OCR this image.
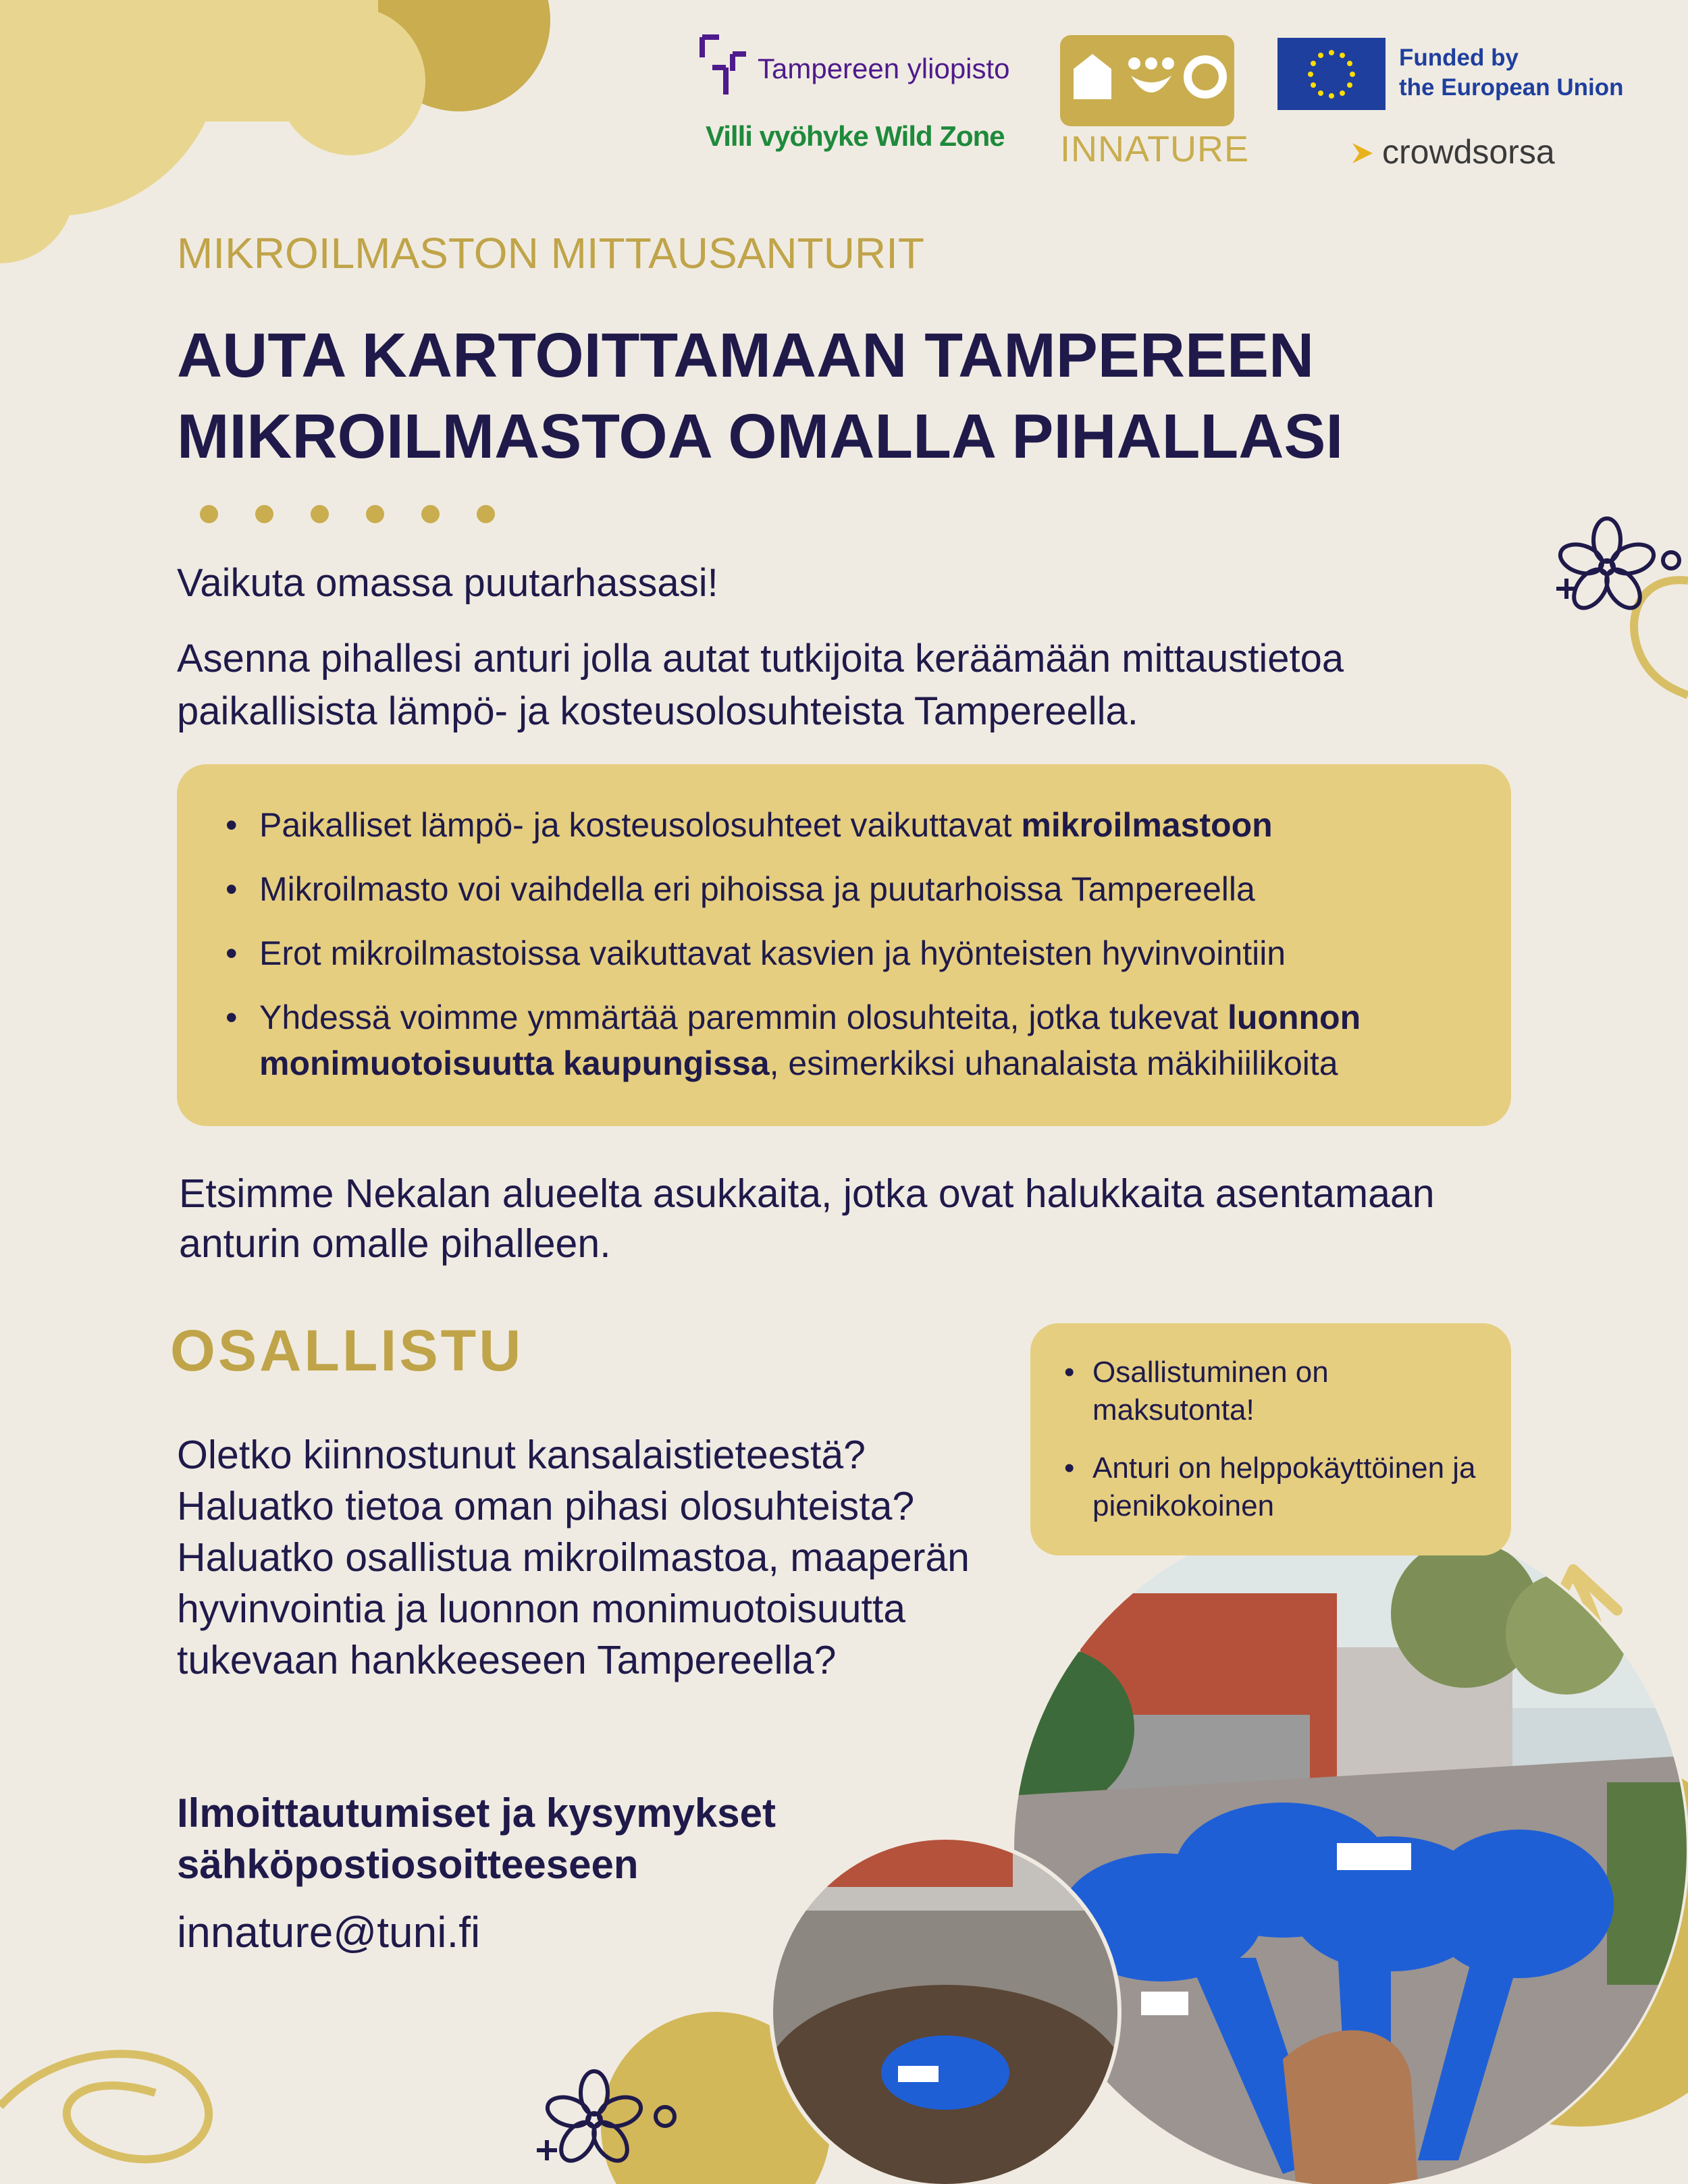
Tampereen yliopisto
Villi vyöhyke Wild Zone INNATURE
Funded by
the European Union
crowdsorsa
MIKROILMASTON MITTAUSANTURIT
AUTA KARTOITTAMAAN TAMPEREEN
MIKROILMASTOA OMALLA PIHALLASI
Vaikuta omassa puutarhassasi!
Asenna pihallesi anturi jolla autat tutkijoita keräämään mittaustietoa paikallisista lämpö- ja kosteusolosuhteista Tampereella.
• Paikalliset lämpö- ja kosteusolosuhteet vaikuttavat mikroilmastoon
• Mikroilmasto voi vaihdella eri pihoissa ja puutarhoissa Tampereella
• Erot mikroilmastoissa vaikuttavat kasvien ja hyönteisten hyvinvointiin
• Yhdessä voimme ymmärtää paremmin olosuhteita, jotka tukevat luonnon monimuotoisuutta kaupungissa, esimerkiksi uhanalaista mäkihiilikoita
Etsimme Nekalan alueelta asukkaita, jotka ovat halukkaita asentamaan anturin omalle pihalleen.
OSALLISTU
•	Osallistuminen on maksutonta!
• Anturi on helppokäyttöinen ja pienikokoinen
Oletko kiinnostunut kansalaistieteestä? Haluatko tietoa oman pihasi olosuhteista? Haluatko osallistua mikroilmastoa, maaperän hyvinvointia ja luonnon monimuotoisuutta tukevaan hankkeeseen Tampereella?
Ilmoittautumiset ja kysymykset sähköpostiosoitteeseen
innature@tuni.fi
